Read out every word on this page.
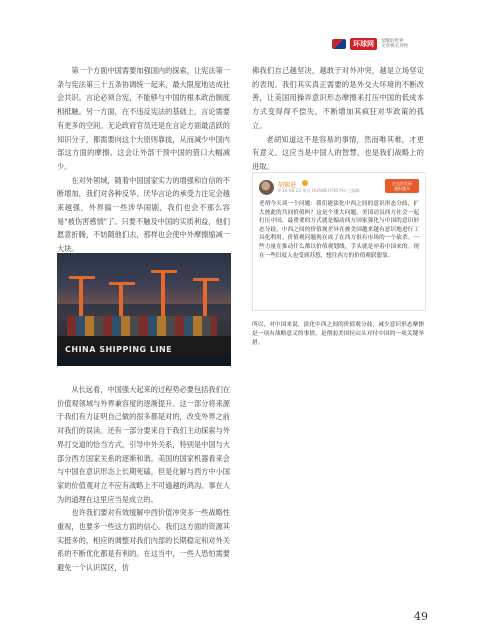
环球网	觉醒的世界
文章相关刊物

第一个方面中国需要加强国内的探索，让宪法第一条与宪法第三十五条协调统一起来，最大限度地达成社会共识。言论必须合宪，不能够与中国的根本政治制度相抵触。另一方面，在不违反宪法的基础上，言论需要有更多的空间。无论政府官员还是在言论方面最活跃的知识分子，都需要向这个大原则靠拢，从而减少中国内部这方面的摩擦。这会让外部干预中国的借口大幅减少。

在对外领域，随着中国国家实力的增强和自信的不断增加，我们对各种反华、厌华言论的承受力注定会越来越强，外界搞一些涉华闹剧，我们也会不那么容易"被伤害感情"了。只要不触及中国的实质利益，他们愿意折腾，不妨随他们去，那样也会使中外摩擦缩减一大块。

CHINA SHIPPING LINE

从长远看，中国强大起来的过程势必要包括我们在价值观领域与外界兼容度的逐渐提升。这一部分将来源于我们有力证明自己做的很多都是对的，改变外界之前对我们的误读。还有一部分要来自于我们主动探索与外界打交道的恰当方式，引导中外关系，特别是中国与大部分西方国家关系的逐渐和谐。美国的国家机器看来会与中国在意识形态上长期死磕，但是化解与西方中小国家的价值观对立不应有战略上不可逾越的鸿沟。事在人为的道理在这里应当是成立的。

也许我们要对有效缓解中西价值冲突多一些战略性重视，也要多一些这方面的信心。我们这方面的资源其实挺多的，相应的调整对我们内部的长期稳定和对外关系的不断优化都是有利的。在这当中，一些人恐怕需要避免一个认识误区，仿

佛我们自己越坚决，越敢于对外冲突，越是立场坚定的表现。我们其实真正需要的是外交大环境的不断改善，让美国用操弄意识形态摩擦来打压中国的低成本方式变得得不偿失，不断增加其疯狂对华政策的孤立。

老胡知道这不是容易的事情，然而唯其难，才更有意义。这应当是中国人的智慧，也是我们战略上的进取。

胡锡进
9-16 08:23 来自 HUAWEI P30 Pro 已编辑
过去的发展
越积越多
老胡今天谈一个问题：我们能淡化中西之间的意识形态分歧，扩大彼此的共同价值吗？这是个重大问题。美国动员西方社会一起打压中国，最重要的方式就是煽动西方国家强化与中国的意识形态分歧，中西之间的价值观差异在被美国越来越有意识地进行工具化利用。价值观问题现在成了在西方很有市场的一个砍杀。一些力量在推动什么都以价值观划线，手头就是冲着中国来的。现在一些旧度人也受到苏悠，想往西方的价值观联盟靠。
所以，对中国来说，淡化中西之间的价值观分歧，减少意识形态摩擦是一项有战略意义的事情，是削弱美国拉山头对付中国的一项关键举措。
49
